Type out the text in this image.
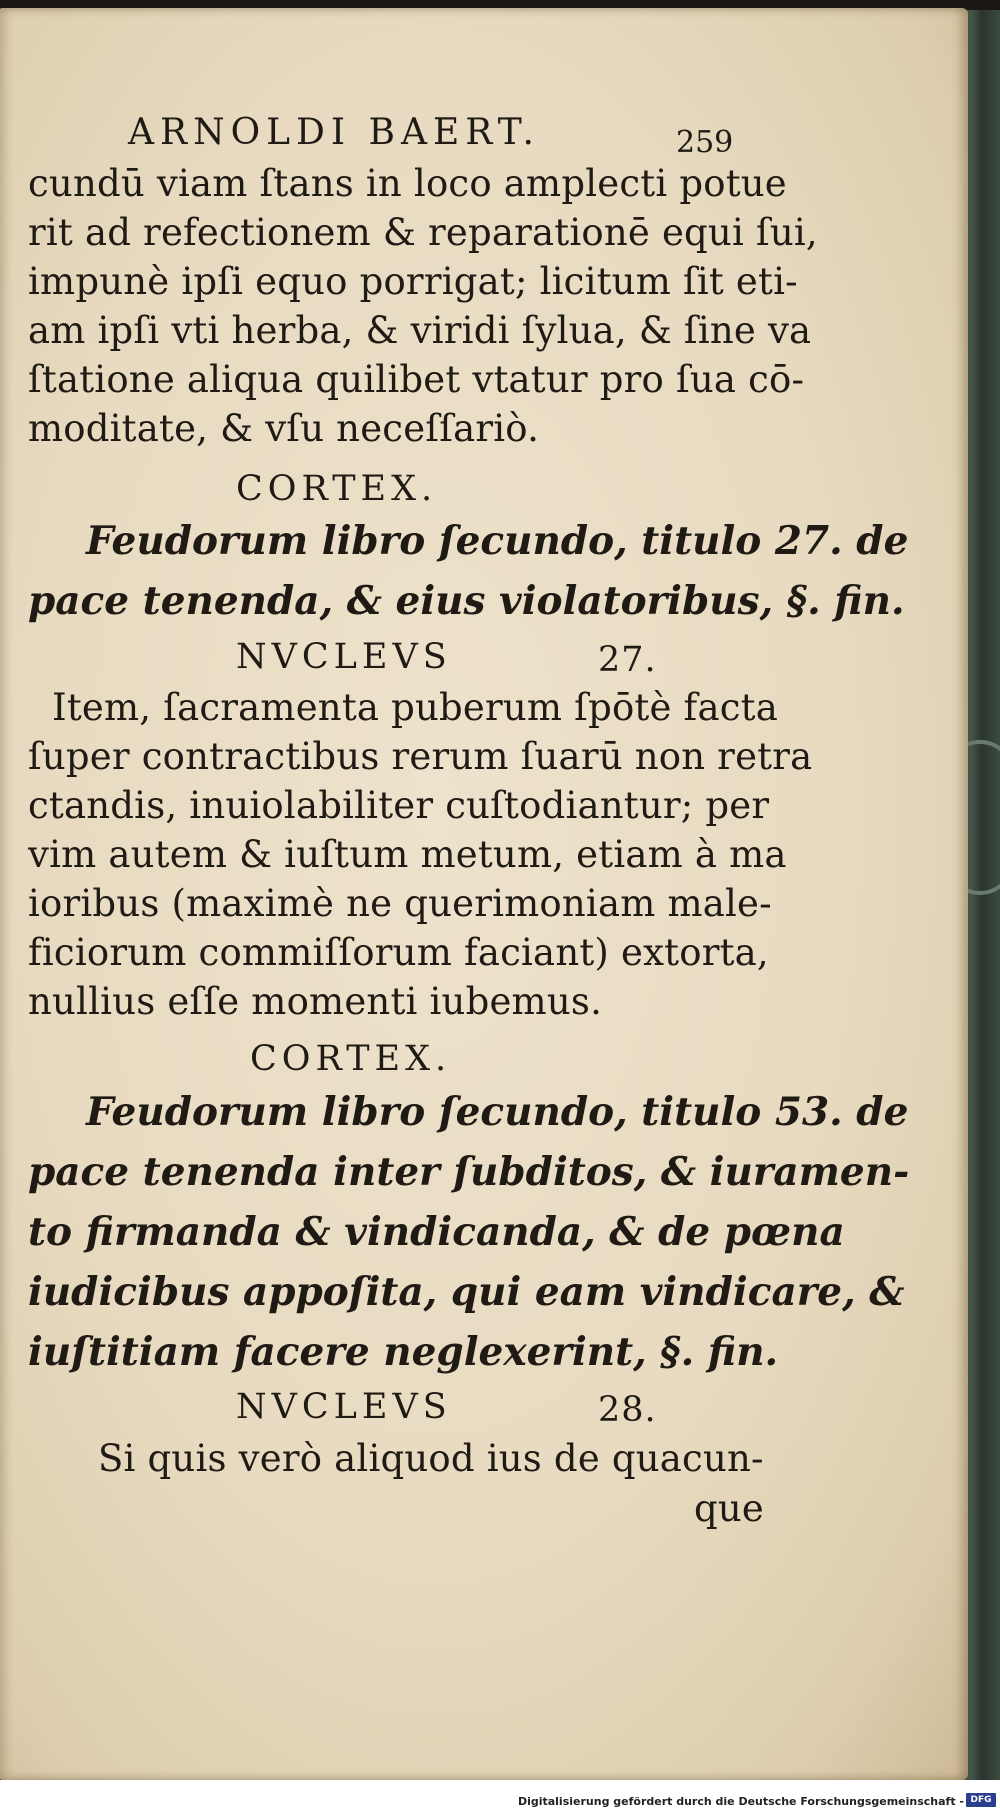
ARNOLDI BAERT.	259
cundū viam ſtans in loco amplecti potue
rit ad refectionem & reparationē equi ſui,
impunè ipſi equo porrigat; licitum ſit eti-
am ipſi vti herba, & viridi ſylua, & ſine va
ſtatione aliqua quilibet vtatur pro ſua cō-
moditate, & vſu neceſſariò.
CORTEX.
Feudorum libro ſecundo, titulo 27. de
pace tenenda, & eius violatoribus, §. fin.
NVCLEVS	27.
Item, ſacramenta puberum ſpōtè facta
ſuper contractibus rerum ſuarū non retra
ctandis, inuiolabiliter cuſtodiantur; per
vim autem & iuſtum metum, etiam à ma
ioribus (maximè ne querimoniam male-
ficiorum commiſſorum faciant) extorta,
nullius eſſe momenti iubemus.
CORTEX.
Feudorum libro ſecundo, titulo 53. de
pace tenenda inter ſubditos, & iuramen-
to firmanda & vindicanda, & de pœna
iudicibus appoſita, qui eam vindicare, &
iuſtitiam facere neglexerint, §. fin.
NVCLEVS	28.
Si quis verò aliquod ius de quacun-
que
Digitalisierung gefördert durch die Deutsche Forschungsgemeinschaft - DFG
